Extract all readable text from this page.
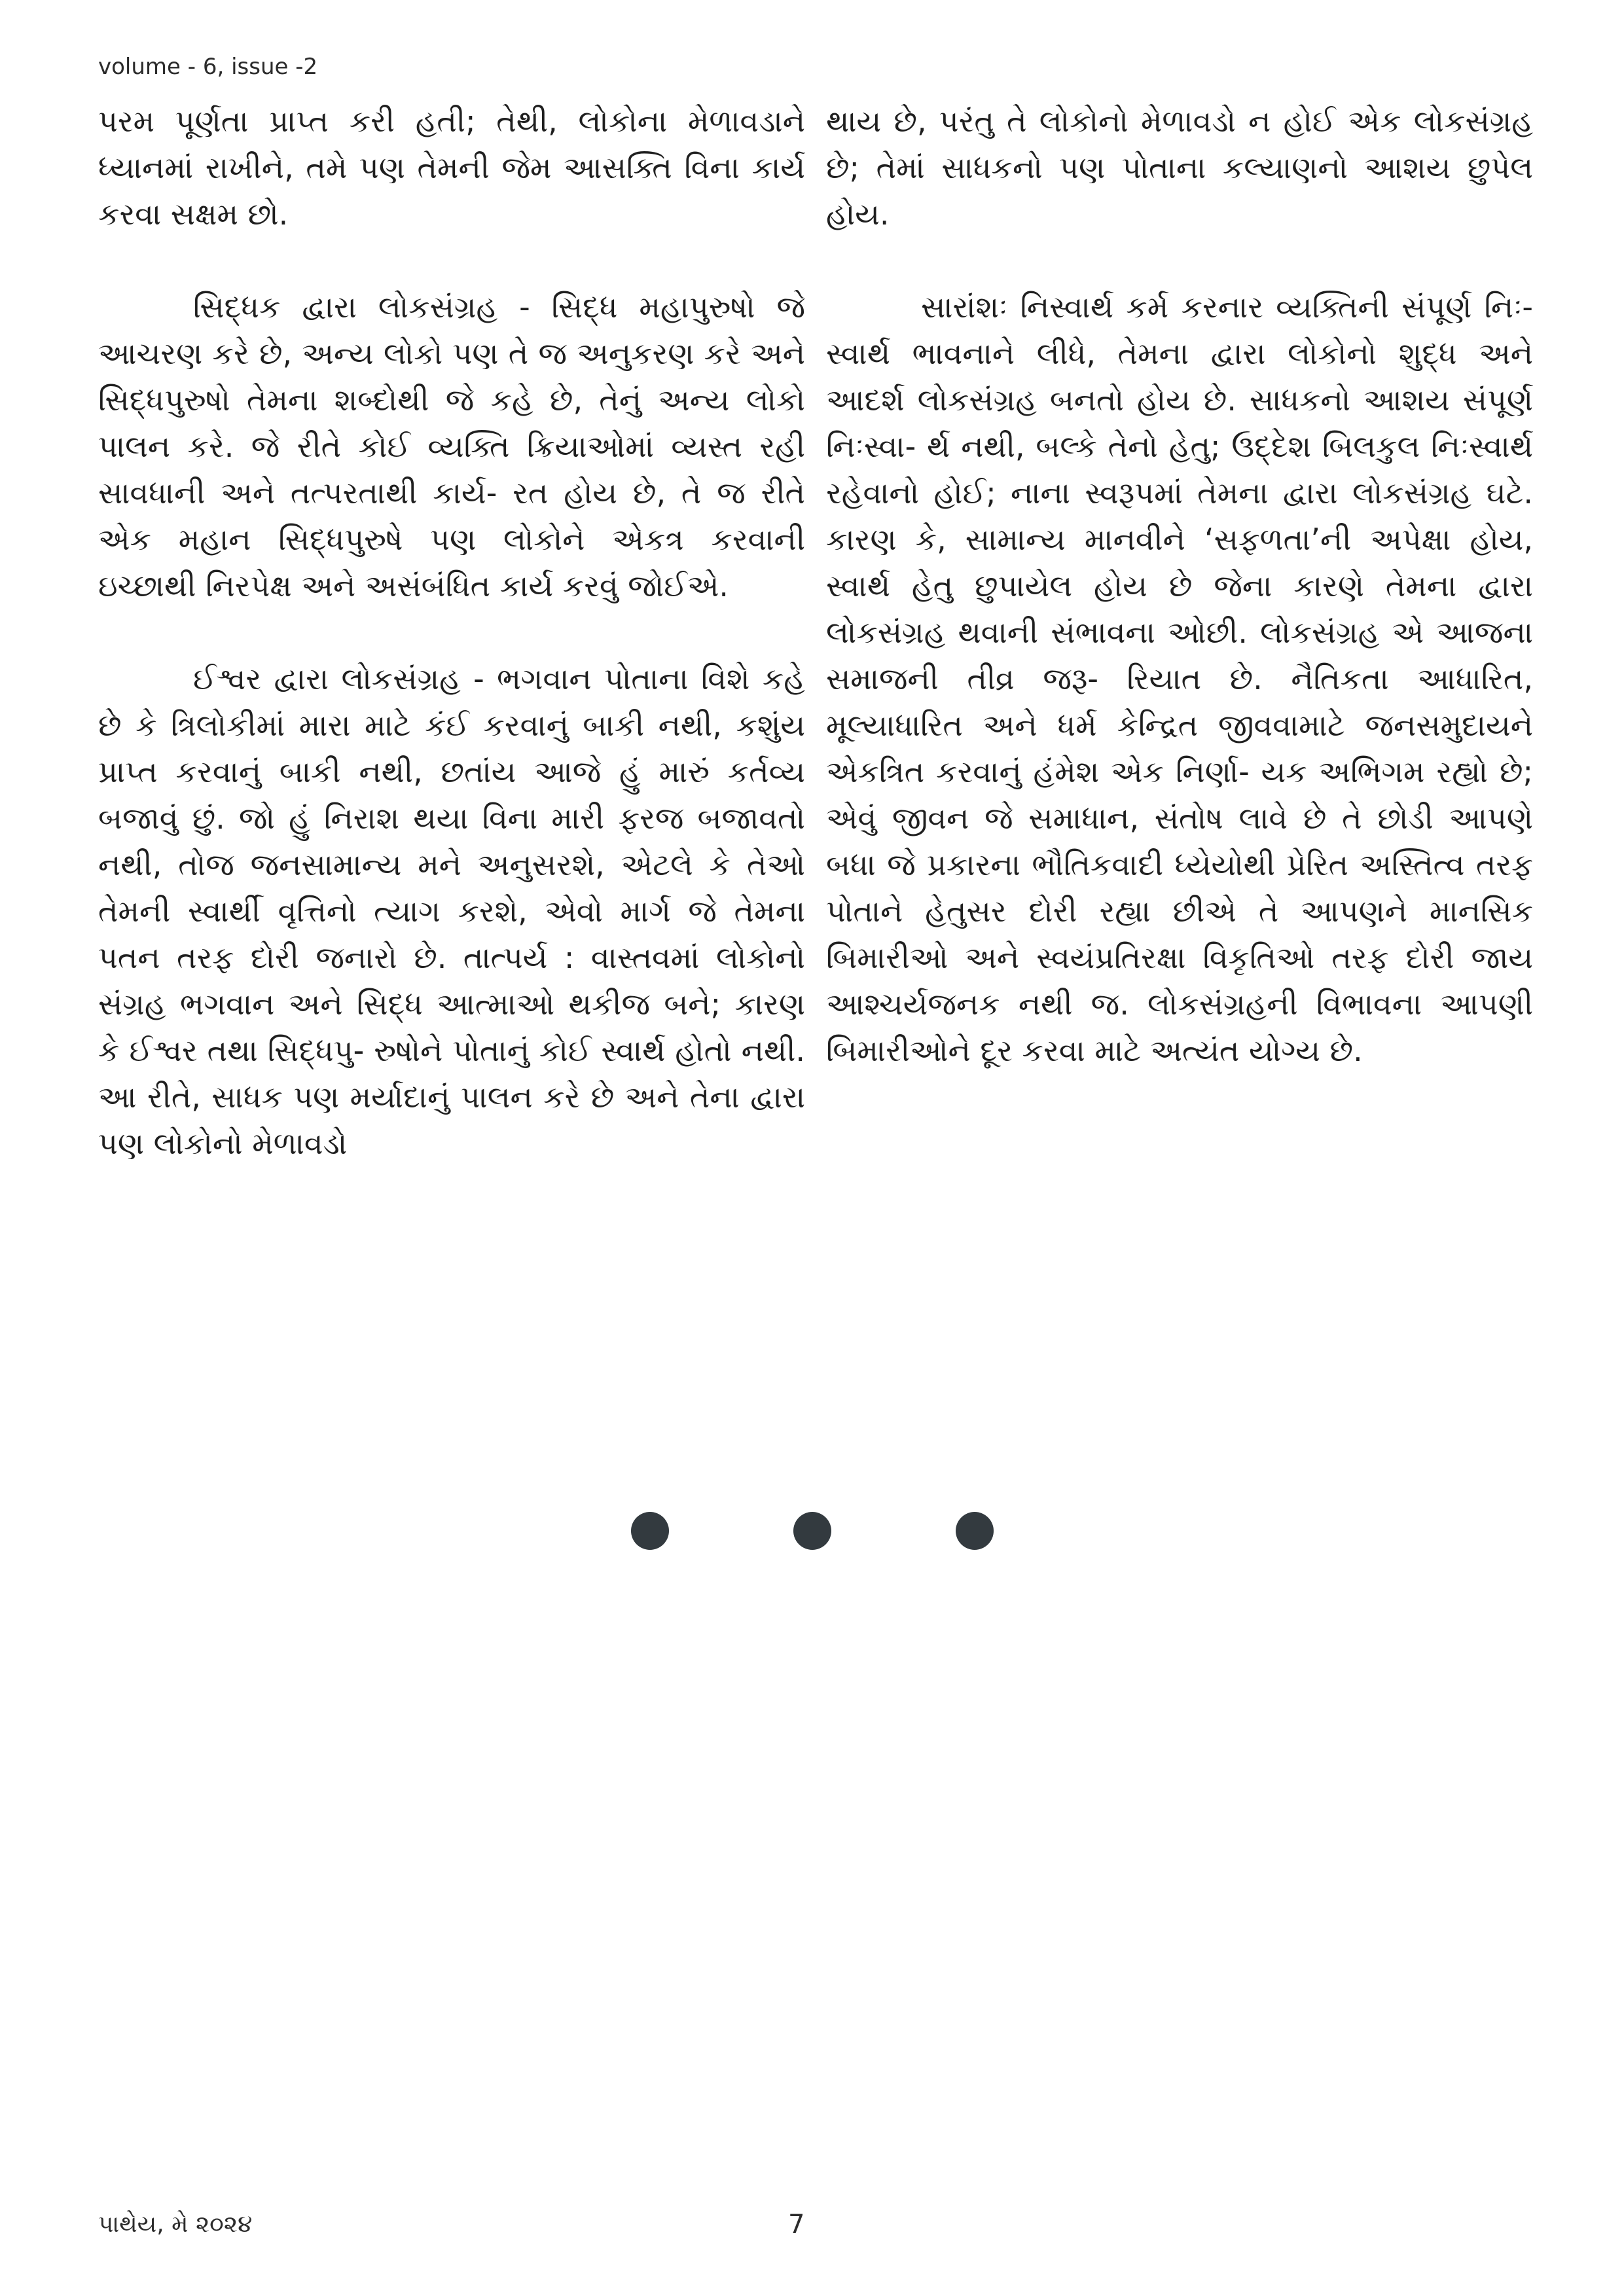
volume - 6, issue -2

પરમ પૂર્ણતા પ્રાપ્ત કરી હતી; તેથી, લોકોના મેળાવડાને ધ્યાનમાં રાખીને, તમે પણ તેમની જેમ આસક્તિ વિના કાર્ય કરવા સક્ષમ છો.

સિદ્ધક દ્વારા લોકસંગ્રહ - સિદ્ધ મહાપુરુષો જે આચરણ કરે છે, અન્ય લોકો પણ તે જ અનુકરણ કરે અને સિદ્ધપુરુષો તેમના શબ્દોથી જે કહે છે, તેનું અન્ય લોકો પાલન કરે. જે રીતે કોઈ વ્યક્તિ ક્રિયાઓમાં વ્યસ્ત રહી સાવધાની અને તત્પરતાથી કાર્ય- રત હોય છે, તે જ રીતે એક મહાન સિદ્ધપુરુષે પણ લોકોને એકત્ર કરવાની ઇચ્છાથી નિરપેક્ષ અને અસંબંધિત કાર્ય કરવું જોઈએ.

ઈશ્વર દ્વારા લોકસંગ્રહ - ભગવાન પોતાના વિશે કહે છે કે ત્રિલોકીમાં મારા માટે કંઈ કરવાનું બાકી નથી, કશુંય પ્રાપ્ત કરવાનું બાકી નથી, છતાંય આજે હું મારું કર્તવ્ય બજાવું છું. જો હું નિરાશ થયા વિના મારી ફરજ બજાવતો નથી, તોજ જનસામાન્ય મને અનુસરશે, એટલે કે તેઓ તેમની સ્વાર્થી વૃત્તિનો ત્યાગ કરશે, એવો માર્ગ જે તેમના પતન તરફ દોરી જનારો છે. તાત્પર્ય : વાસ્તવમાં લોકોનો સંગ્રહ ભગવાન અને સિદ્ધ આત્માઓ થકીજ બને; કારણ કે ઈશ્વર તથા સિદ્ધપુ- રુષોને પોતાનું કોઈ સ્વાર્થ હોતો નથી. આ રીતે, સાધક પણ મર્યાદાનું પાલન કરે છે અને તેના દ્વારા પણ લોકોનો મેળાવડો

થાય છે, પરંતુ તે લોકોનો મેળાવડો ન હોઈ એક લોકસંગ્રહ છે; તેમાં સાધકનો પણ પોતાના કલ્યાણનો આશય છુપેલ હોય.

સારાંશઃ નિસ્વાર્થ કર્મ કરનાર વ્યક્તિની સંપૂર્ણ નિઃ- સ્વાર્થ ભાવનાને લીધે, તેમના દ્વારા લોકોનો શુદ્ધ અને આદર્શ લોકસંગ્રહ બનતો હોય છે. સાધકનો આશય સંપૂર્ણ નિઃસ્વા- ર્થ નથી, બલ્કે તેનો હેતુ; ઉદ્દેશ બિલકુલ નિઃસ્વાર્થ રહેવાનો હોઈ; નાના સ્વરૂપમાં તેમના દ્વારા લોકસંગ્રહ ઘટે. કારણ કે, સામાન્ય માનવીને ‘સફળતા’ની અપેક્ષા હોય, સ્વાર્થ હેતુ છુપાયેલ હોય છે જેના કારણે તેમના દ્વારા લોકસંગ્રહ થવાની સંભાવના ઓછી. લોકસંગ્રહ એ આજના સમાજની તીવ્ર જરૂ- રિયાત છે. નૈતિકતા આધારિત, મૂલ્યાધારિત અને ધર્મ કેન્દ્રિત જીવવામાટે જનસમુદાયને એકત્રિત કરવાનું હંમેશ એક નિર્ણા- યક અભિગમ રહ્યો છે; એવું જીવન જે સમાધાન, સંતોષ લાવે છે તે છોડી આપણે બધા જે પ્રકારના ભૌતિકવાદી ધ્યેયોથી પ્રેરિત અસ્તિત્વ તરફ પોતાને હેતુસર દોરી રહ્યા છીએ તે આપણને માનસિક બિમારીઓ અને સ્વયંપ્રતિરક્ષા વિકૃતિઓ તરફ દોરી જાય આશ્ચર્યજનક નથી જ. લોકસંગ્રહની વિભાવના આપણી બિમારીઓને દૂર કરવા માટે અત્યંત યોગ્ય છે.

પાથેય, મે ૨૦૨૪	7
